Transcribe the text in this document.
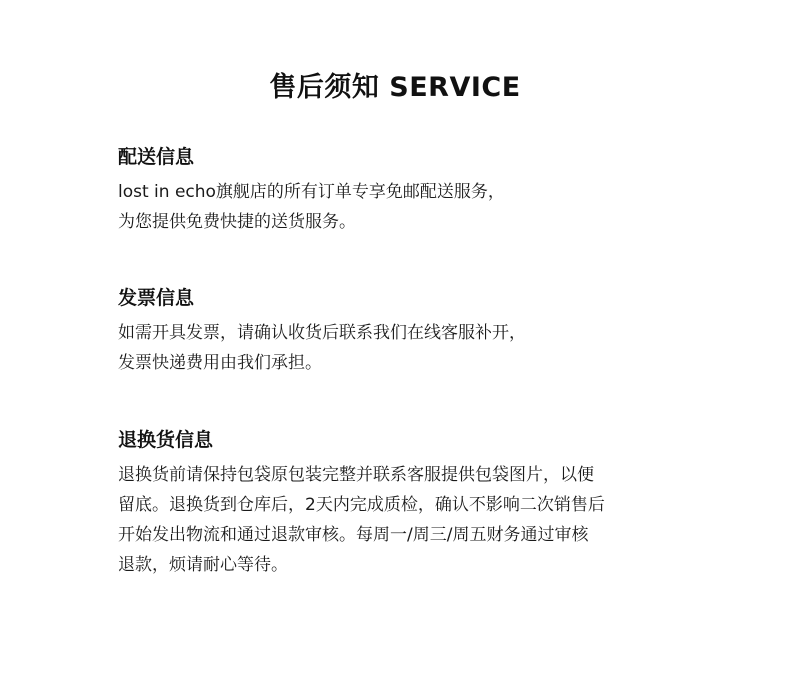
售后须知 SERVICE
配送信息
lost in echo旗舰店的所有订单专享免邮配送服务，
为您提供免费快捷的送货服务。
发票信息
如需开具发票，请确认收货后联系我们在线客服补开，
发票快递费用由我们承担。
退换货信息
退换货前请保持包袋原包装完整并联系客服提供包袋图片，以便
留底。退换货到仓库后，2天内完成质检，确认不影响二次销售后
开始发出物流和通过退款审核。每周一/周三/周五财务通过审核
退款，烦请耐心等待。
